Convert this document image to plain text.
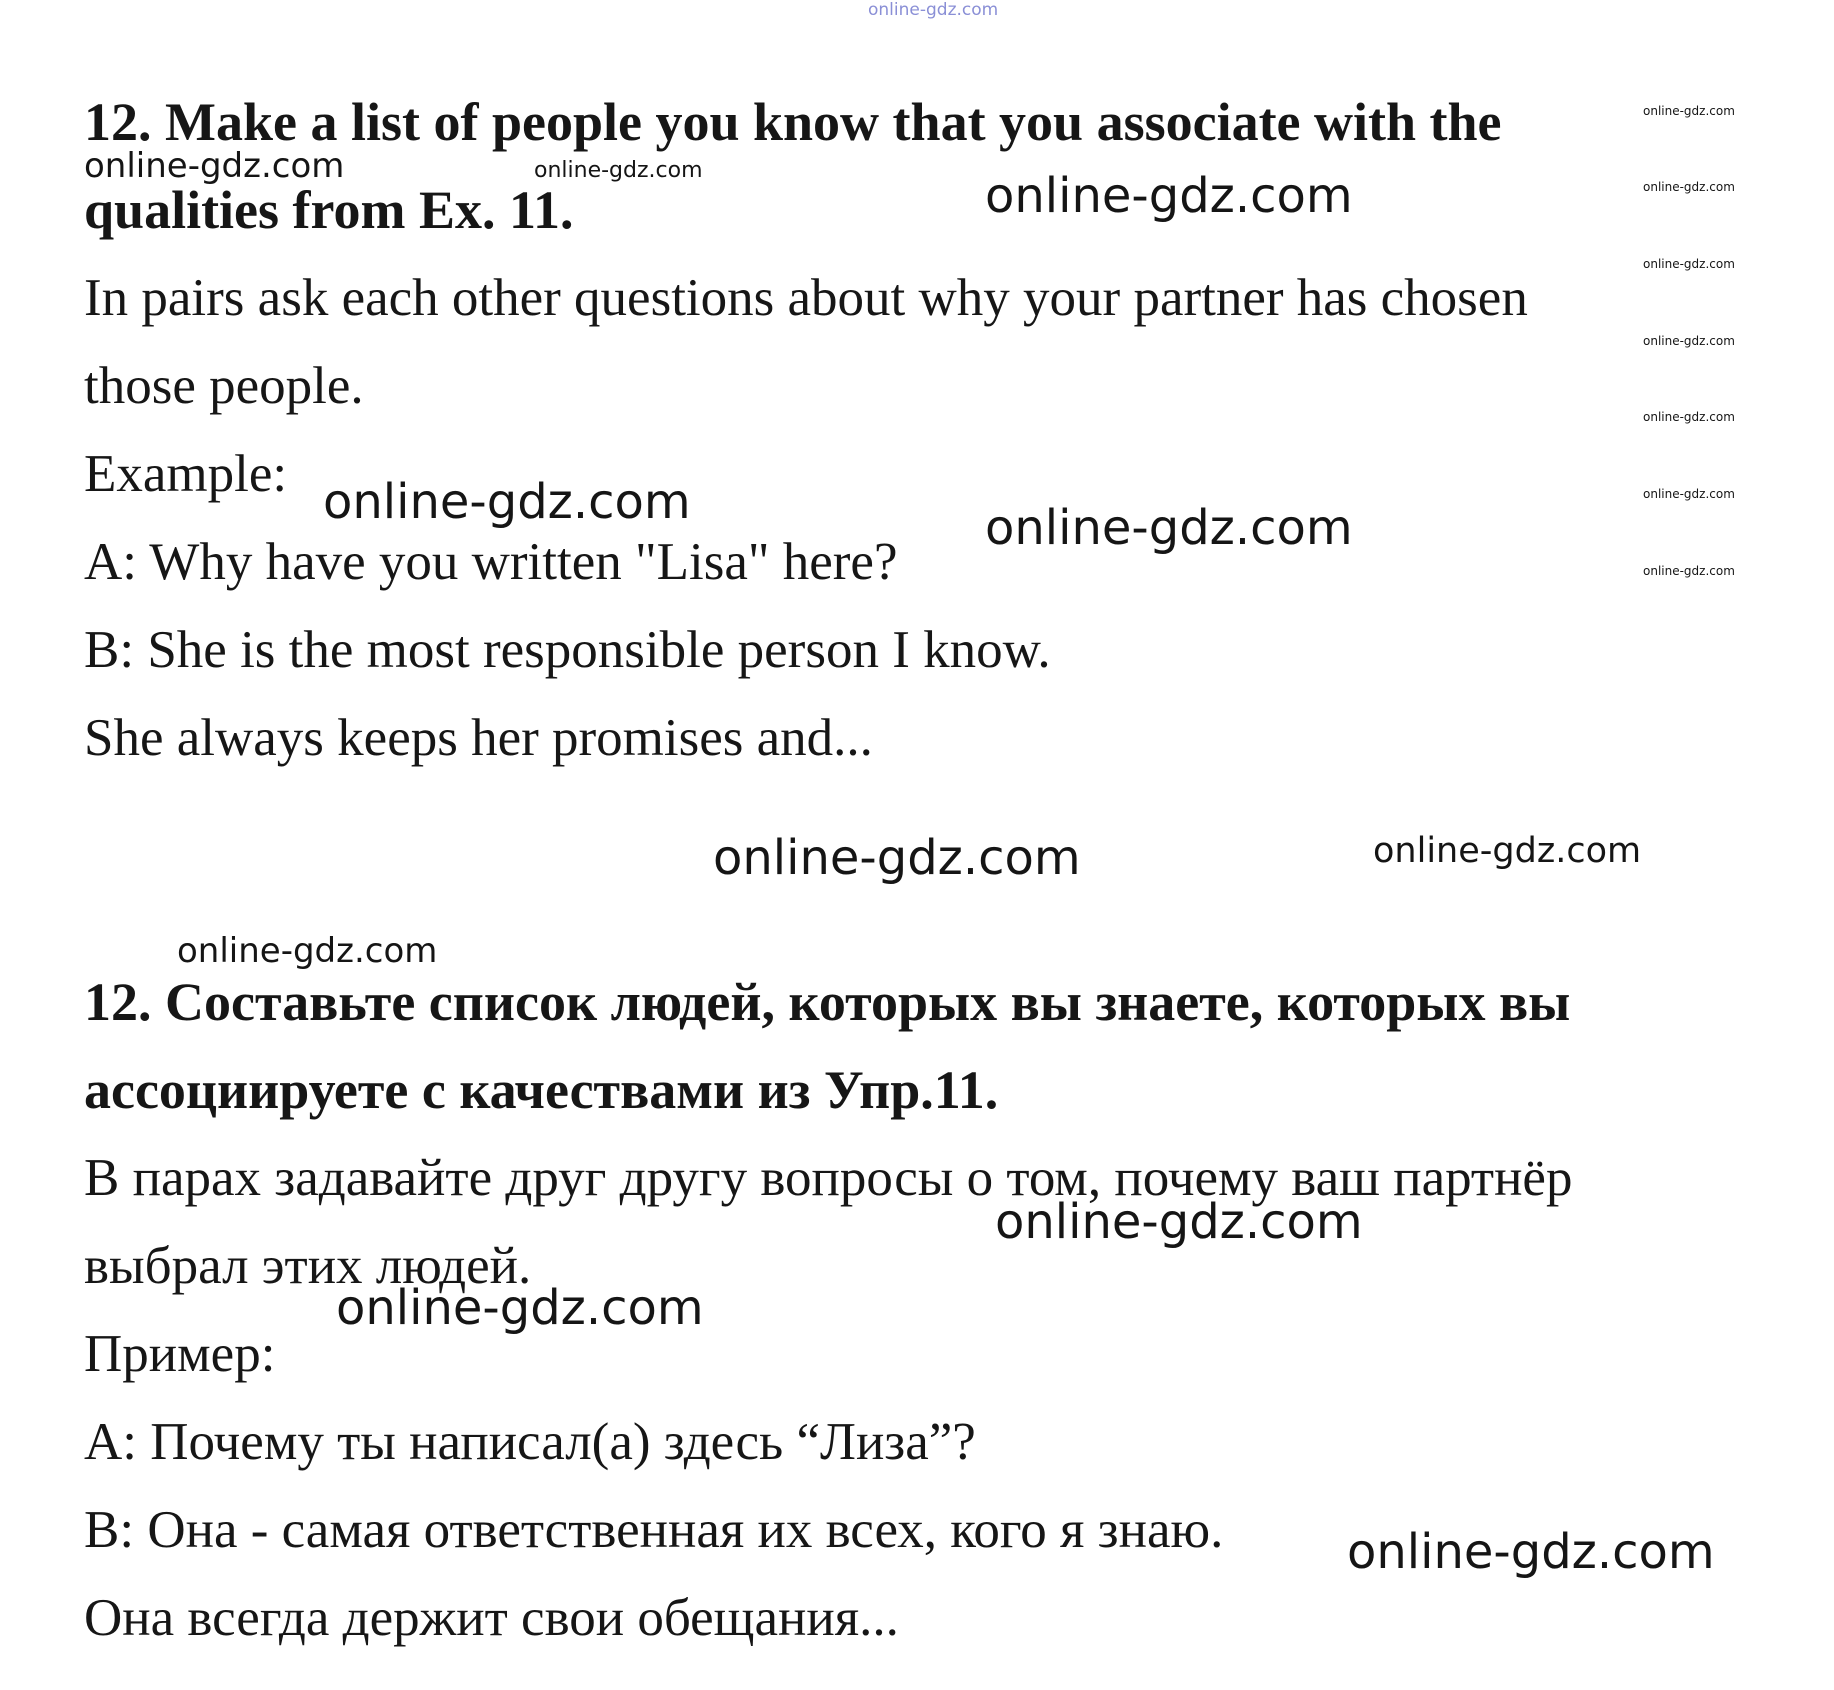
online-gdz.com
12. Make a list of people you know that you associate with the
qualities from Ex. 11.
In pairs ask each other questions about why your partner has chosen
those people.
Example:
A: Why have you written "Lisa" here?
B: She is the most responsible person I know.
She always keeps her promises and...
12. Составьте список людей, которых вы знаете, которых вы
ассоциируете с качествами из Упр.11.
В парах задавайте друг другу вопросы о том, почему ваш партнёр
выбрал этих людей.
Пример:
А: Почему ты написал(а) здесь “Лиза”?
В: Она - самая ответственная их всех, кого я знаю.
Она всегда держит свои обещания...
online-gdz.com	online-gdz.com	online-gdz.com
online-gdz.com	online-gdz.com
online-gdz.com	online-gdz.com
online-gdz.com
online-gdz.com
online-gdz.com
online-gdz.com
online-gdz.com
online-gdz.com
online-gdz.com
online-gdz.com
online-gdz.com
online-gdz.com
online-gdz.com
